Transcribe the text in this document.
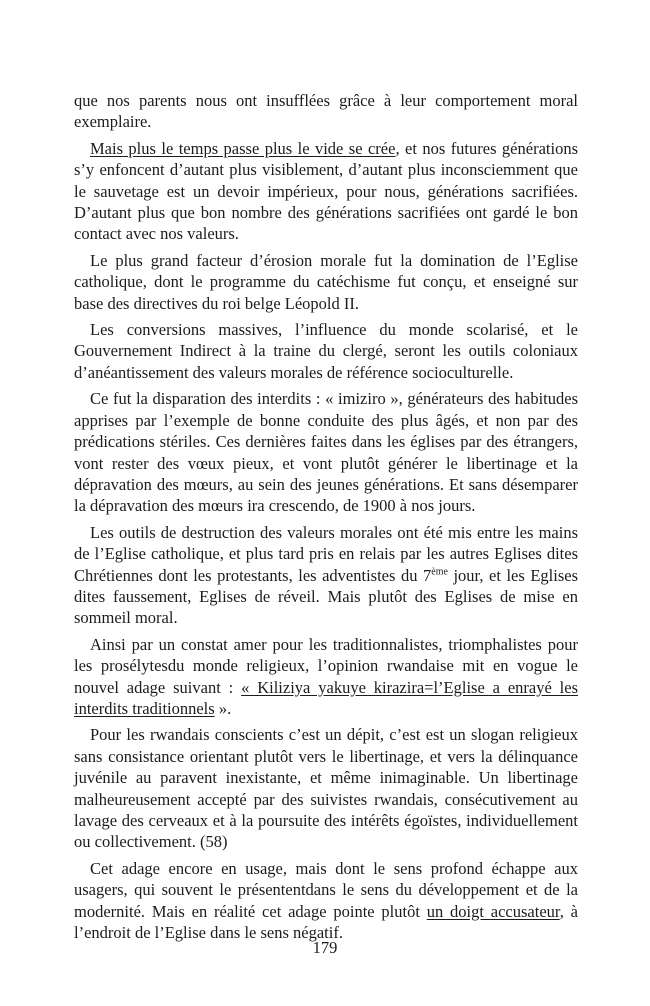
que nos parents nous ont insufflées grâce à leur comportement moral exemplaire.

Mais plus le temps passe plus le vide se crée, et nos futures générations s’y enfoncent d’autant plus visiblement, d’autant plus inconsciemment que le sauvetage est un devoir impérieux, pour nous, générations sacrifiées. D’autant plus que bon nombre des générations sacrifiées ont gardé le bon contact avec nos valeurs.

Le plus grand facteur d’érosion morale fut la domination de l’Eglise catholique, dont le programme du catéchisme fut conçu, et enseigné sur base des directives du roi belge Léopold II.

Les conversions massives, l’influence du monde scolarisé, et le Gouvernement Indirect à la traine du clergé, seront les outils coloniaux d’anéantissement des valeurs morales de référence socioculturelle.

Ce fut la disparation des interdits : « imiziro », générateurs des habitudes apprises par l’exemple de bonne conduite des plus âgés, et non par des prédications stériles. Ces dernières faites dans les églises par des étrangers, vont rester des vœux pieux, et vont plutôt générer le libertinage et la dépravation des mœurs, au sein des jeunes générations. Et sans désemparer la dépravation des mœurs ira crescendo, de 1900 à nos jours.

Les outils de destruction des valeurs morales ont été mis entre les mains de l’Eglise catholique, et plus tard pris en relais par les autres Eglises dites Chrétiennes dont les protestants, les adventistes du 7ème jour, et les Eglises dites faussement, Eglises de réveil. Mais plutôt des Eglises de mise en sommeil moral.

Ainsi par un constat amer pour les traditionnalistes, triomphalistes pour les prosélytesdu monde religieux, l’opinion rwandaise mit en vogue le nouvel adage suivant : « Kiliziya yakuye kirazira=l’Eglise a enrayé les interdits traditionnels ».

Pour les rwandais conscients c’est un dépit, c’est est un slogan religieux sans consistance orientant plutôt vers le libertinage, et vers la délinquance juvénile au paravent inexistante, et même inimaginable. Un libertinage malheureusement accepté par des suivistes rwandais, consécutivement au lavage des cerveaux et à la poursuite des intérêts égoïstes, individuellement ou collectivement. (58)

Cet adage encore en usage, mais dont le sens profond échappe aux usagers, qui souvent le présententdans le sens du développement et de la modernité. Mais en réalité cet adage pointe plutôt un doigt accusateur, à l’endroit de l’Eglise dans le sens négatif.

179
